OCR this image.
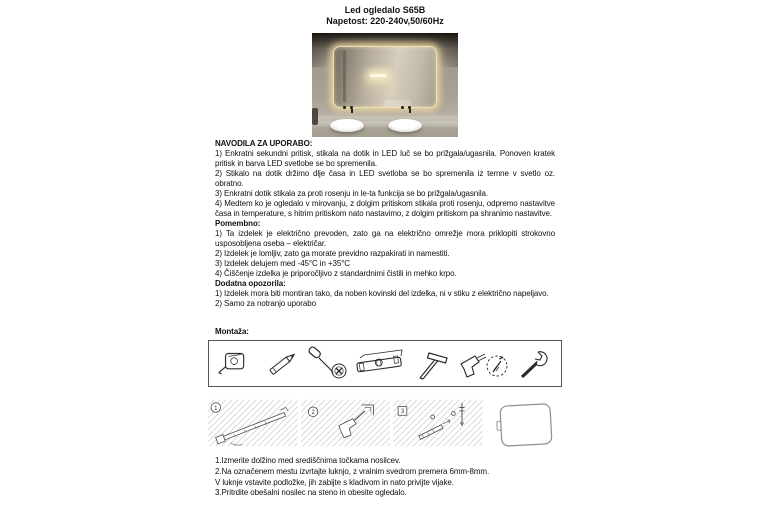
Led ogledalo S65B
Napetost: 220-240v,50/60Hz
NAVODILA ZA UPORABO:

1) Enkratni sekundni pritisk, stikala na dotik in LED luč se bo prižgala/ugasnila. Ponoven kratek pritisk in barva LED svetlobe se bo spremenila.

2) Stikalo na dotik držimo dlje časa in LED svetloba se bo spremenila iz temne v svetlo oz. obratno.

3) Enkratni dotik stikala za proti rosenju in le-ta funkcija se bo prižgala/ugasnila.

4) Medtem ko je ogledalo v mirovanju, z dolgim pritiskom stikala proti rosenju, odpremo nastavitve časa in temperature, s hitrim pritiskom nato nastavimo, z dolgim pritiskom pa shranimo nastavitve.

Pomembno:

1) Ta izdelek je električno prevoden, zato ga na električno omrežje mora priklopiti strokovno usposobljena oseba – električar.

2) Izdelek je lomljiv, zato ga morate previdno razpakirati in namestiti.

3) Izdelek delujem med -45°C in +35°C

4) Čiščenje izdelka je priporočljivo z standardnimi čistili in mehko krpo.

Dodatna opozorila:

1) Izdelek mora biti montiran tako, da noben kovinski del izdelka, ni v stiku z električno napeljavo.

2) Samo za notranjo uporabo

Montaža:
1
2	3

1.Izmerite dolžino med središčnima točkama nosilcev.

2.Na označenem mestu izvrtajte luknjo, z vralnim svedrom premera 6mm-8mm.

V luknje vstavite podložke, jih zabijte s kladivom in nato privijte vijake.

3.Pritrdite obešalni nosilec na steno in obesite ogledalo.
